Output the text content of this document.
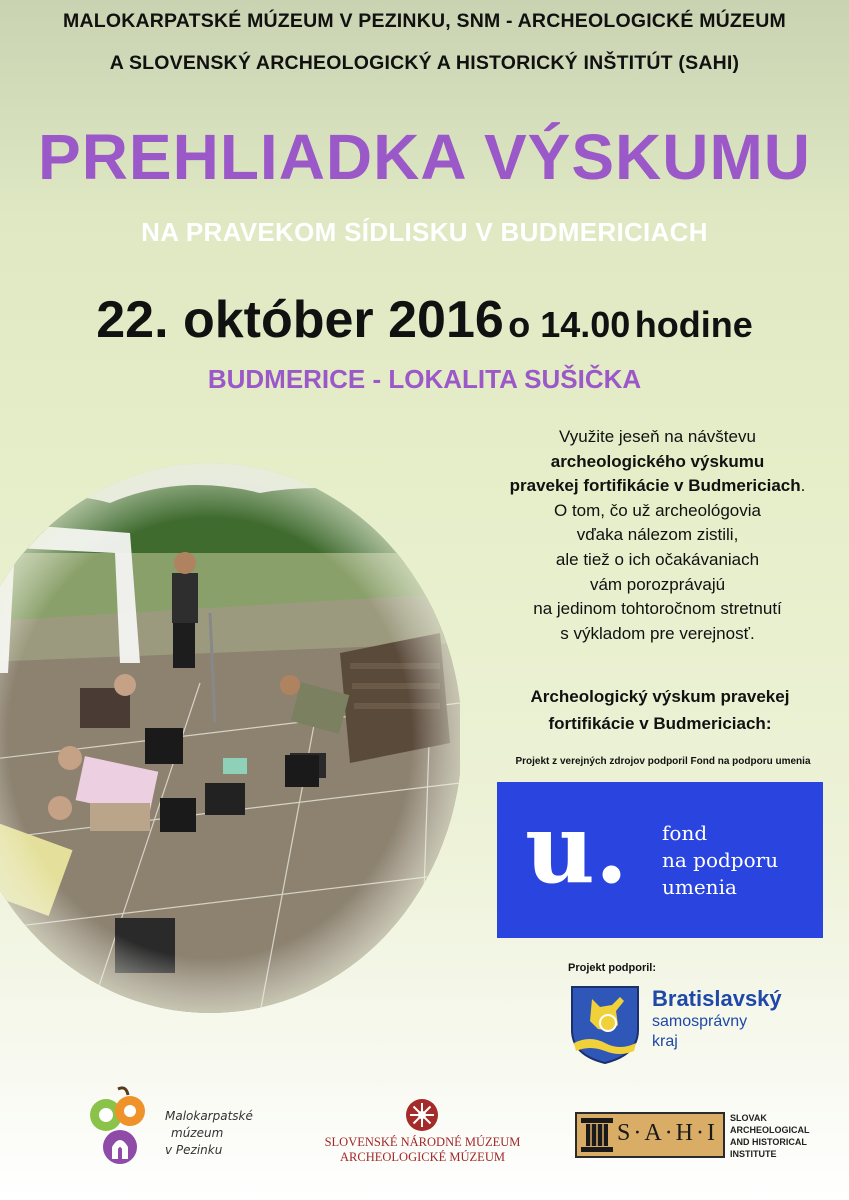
MALOKARPATSKÉ MÚZEUM V PEZINKU, SNM - ARCHEOLOGICKÉ MÚZEUM
A SLOVENSKÝ ARCHEOLOGICKÝ A HISTORICKÝ INŠTITÚT (SAHI)
PREHLIADKA VÝSKUMU
NA PRAVEKOM SÍDLISKU V BUDMERICIACH
22. október 2016 o 14.00 hodine
BUDMERICE - LOKALITA SUŠIČKA
Využite jeseň na návštevu
archeologického výskumu
pravekej fortifikácie v Budmericiach.
O tom, čo už archeológovia
vďaka nálezom zistili,
ale tiež o ich očakávaniach
vám porozprávajú
na jedinom tohtoročnom stretnutí
s výkladom pre verejnosť.
Archeologický výskum pravekej
fortifikácie v Budmericiach:
Projekt z verejných zdrojov podporil Fond na podporu umenia
u. fond
na podporu
umenia
Projekt podporil:
Bratislavský
samosprávny
kraj
Malokarpatské
múzeum
v Pezinku
SLOVENSKÉ NÁRODNÉ MÚZEUM
ARCHEOLOGICKÉ MÚZEUM
S·A·H·I
SLOVAK
ARCHEOLOGICAL
AND HISTORICAL
INSTITUTE
